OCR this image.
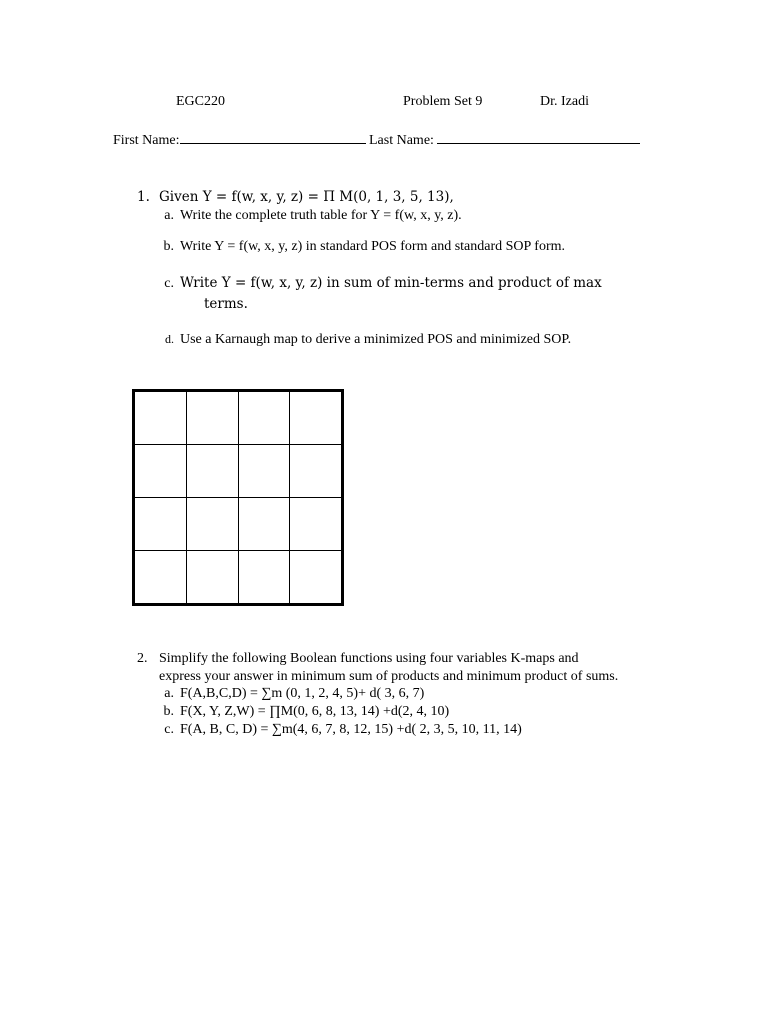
EGC220	Problem Set 9	Dr. Izadi
First Name:	Last Name:
1. Given Y = f(w, x, y, z) = Π M(0, 1, 3, 5, 13),
a. Write the complete truth table for Y = f(w, x, y, z).
b. Write Y = f(w, x, y, z) in standard POS form and standard SOP form.
c. Write Y = f(w, x, y, z) in sum of min-terms and product of max
terms.
d. Use a Karnaugh map to derive a minimized POS and minimized SOP.

2. Simplify the following Boolean functions using four variables K-maps and
express your answer in minimum sum of products and minimum product of sums.
a. F(A,B,C,D) = ∑m (0, 1, 2, 4, 5)+ d( 3, 6, 7)
b. F(X, Y, Z,W) = ∏M(0, 6, 8, 13, 14) +d(2, 4, 10)
c. F(A, B, C, D) = ∑m(4, 6, 7, 8, 12, 15) +d( 2, 3, 5, 10, 11, 14)
